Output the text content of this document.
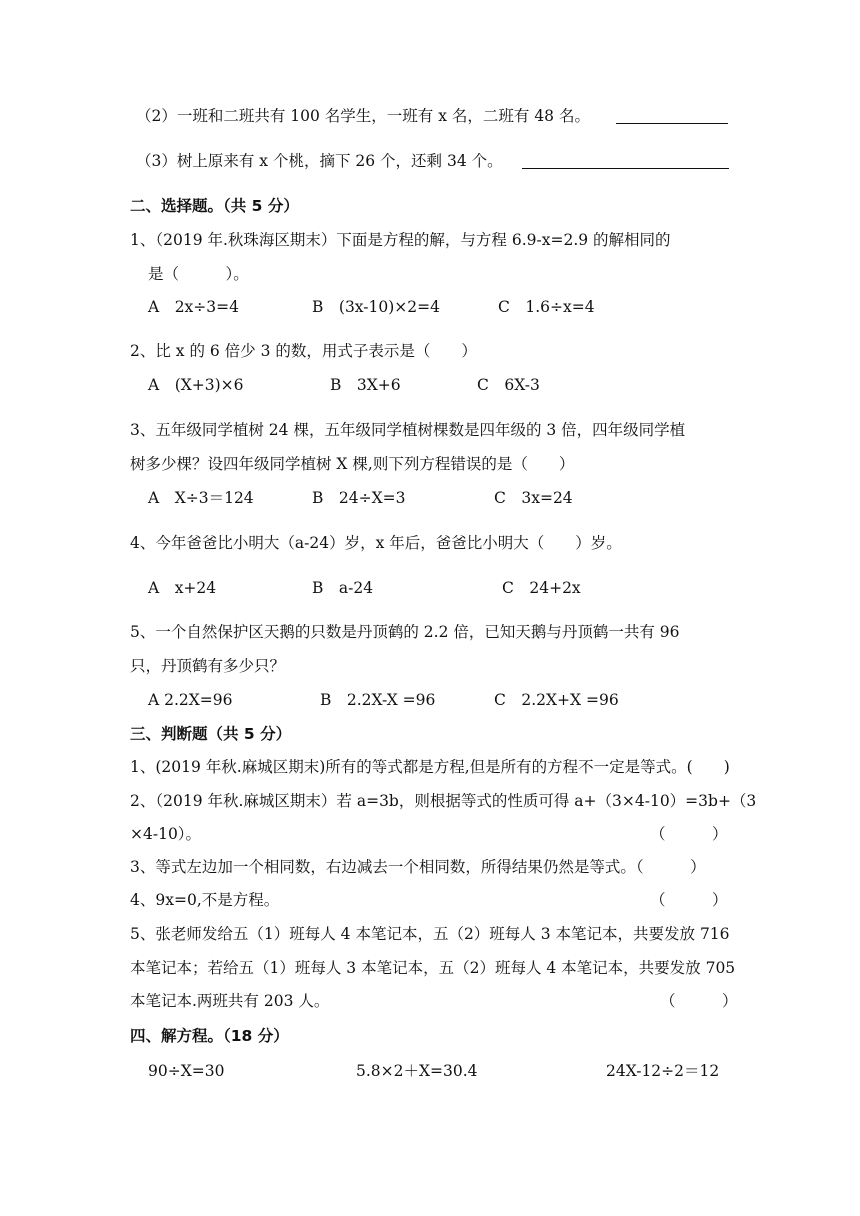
（2）一班和二班共有 100 名学生，一班有 x 名，二班有 48 名。
（3）树上原来有 x 个桃，摘下 26 个，还剩 34 个。
二、选择题。（共 5 分）
1、（2019 年.秋珠海区期末）下面是方程的解，与方程 6.9-x=2.9 的解相同的
是（　　　）。
A　2x÷3=4	B　(3x-10)×2=4	C　1.6÷x=4
2、比 x 的 6 倍少 3 的数，用式子表示是（　　）
A　(X+3)×6	B　3X+6	C　6X-3
3、五年级同学植树 24 棵，五年级同学植树棵数是四年级的 3 倍，四年级同学植
树多少棵？设四年级同学植树 X 棵,则下列方程错误的是（　　）
A　X÷3＝124	B　24÷X=3	C　3x=24
4、今年爸爸比小明大（a-24）岁，x 年后，爸爸比小明大（　　）岁。
A　x+24	B　a-24	C　24+2x
5、一个自然保护区天鹅的只数是丹顶鹤的 2.2 倍，已知天鹅与丹顶鹤一共有 96
只，丹顶鹤有多少只？
A 2.2X=96	B　2.2X-X =96	C　2.2X+X =96
三、判断题（共 5 分）
1、(2019 年秋.麻城区期末)所有的等式都是方程,但是所有的方程不一定是等式。(　　)
2、（2019 年秋.麻城区期末）若 a=3b，则根据等式的性质可得 a+（3×4-10）=3b+（3
×4-10）。	（　　　）
3、等式左边加一个相同数，右边减去一个相同数，所得结果仍然是等式。（　　　）
4、9x=0,不是方程。	（　　　）
5、张老师发给五（1）班每人 4 本笔记本，五（2）班每人 3 本笔记本，共要发放 716
本笔记本；若给五（1）班每人 3 本笔记本，五（2）班每人 4 本笔记本，共要发放 705
本笔记本.两班共有 203 人。	（　　　）
四、解方程。（18 分）
90÷X=30	5.8×2＋X=30.4	24X-12÷2＝12
